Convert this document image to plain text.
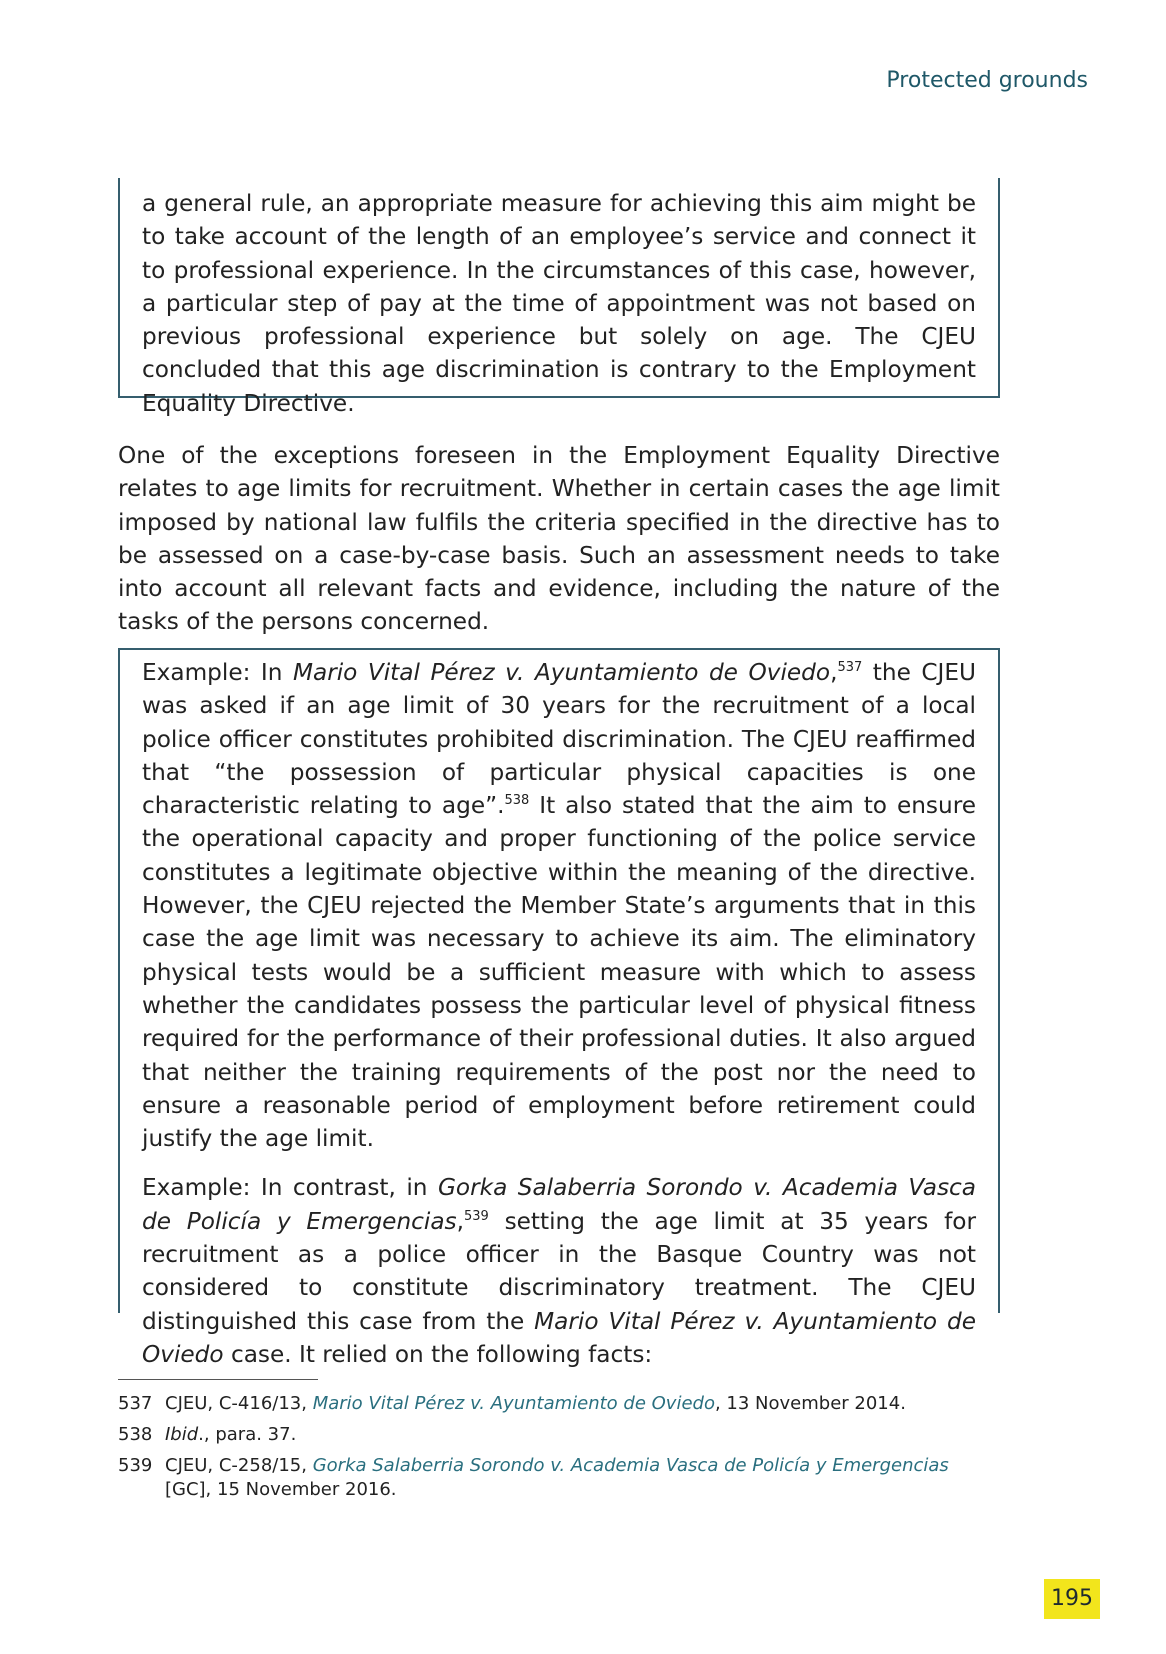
Protected grounds

a general rule, an appropriate measure for achieving this aim might be to take account of the length of an employee’s service and connect it to professional experience. In the circumstances of this case, however, a particular step of pay at the time of appointment was not based on previous professional experience but solely on age. The CJEU concluded that this age discrimination is contrary to the Employment Equality Directive.

One of the exceptions foreseen in the Employment Equality Directive relates to age limits for recruitment. Whether in certain cases the age limit imposed by national law fulfils the criteria specified in the directive has to be assessed on a case-by-case basis. Such an assessment needs to take into account all relevant facts and evidence, including the nature of the tasks of the persons concerned.

Example: In Mario Vital Pérez v. Ayuntamiento de Oviedo,$^{537}$ the CJEU was asked if an age limit of 30 years for the recruitment of a local police officer constitutes prohibited discrimination. The CJEU reaffirmed that “the possession of particular physical capacities is one characteristic relating to age”.$^{538}$ It also stated that the aim to ensure the operational capacity and proper functioning of the police service constitutes a legitimate objective within the meaning of the directive. However, the CJEU rejected the Member State’s arguments that in this case the age limit was necessary to achieve its aim. The eliminatory physical tests would be a sufficient measure with which to assess whether the candidates possess the particular level of physical fitness required for the performance of their professional duties. It also argued that neither the training requirements of the post nor the need to ensure a reasonable period of employment before retirement could justify the age limit.

Example: In contrast, in Gorka Salaberria Sorondo v. Academia Vasca de Policía y Emergencias,$^{539}$ setting the age limit at 35 years for recruitment as a police officer in the Basque Country was not considered to constitute discriminatory treatment. The CJEU distinguished this case from the Mario Vital Pérez v. Ayuntamiento de Oviedo case. It relied on the following facts:

537 CJEU, C-416/13, Mario Vital Pérez v. Ayuntamiento de Oviedo, 13 November 2014.
538 Ibid., para. 37.
539 CJEU, C-258/15, Gorka Salaberria Sorondo v. Academia Vasca de Policía y Emergencias [GC], 15 November 2016.
195
